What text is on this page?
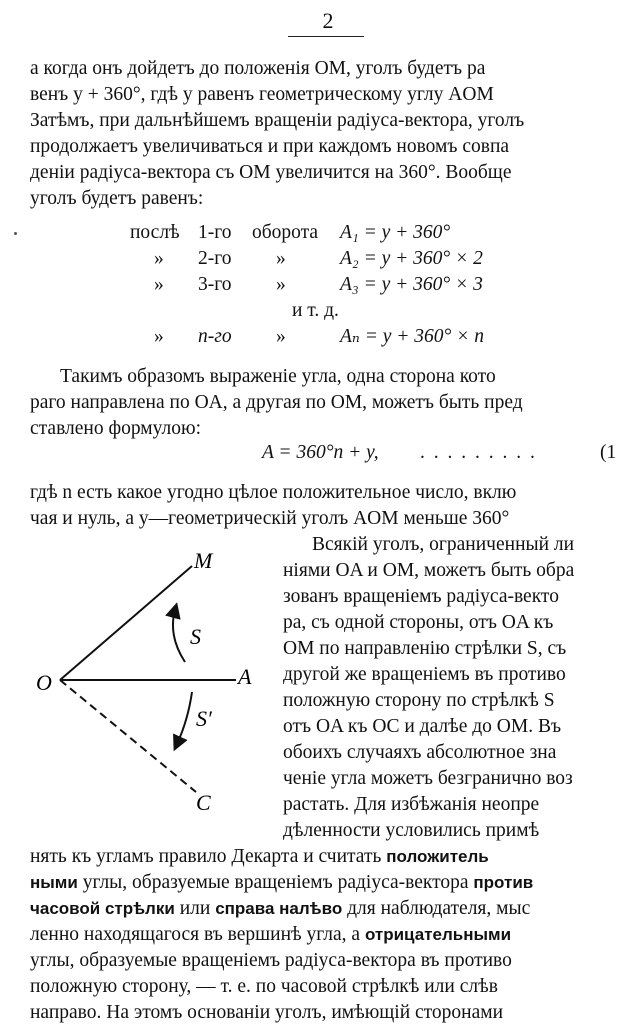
2
а когда онъ дойдетъ до положенія OM, уголъ будетъ ра
венъ y + 360°, гдѣ y равенъ геометрическому углу AOM
Затѣмъ, при дальнѣйшемъ вращеніи радіуса-вектора, уголъ
продолжаетъ увеличиваться и при каждомъ новомъ совпа
деніи радіуса-вектора съ OM увеличится на 360°. Вообще
уголъ будетъ равенъ:
послѣ 1-го оборота A₁ = y + 360°
» 2-го »	A₂ = y + 360° × 2
» 3-го »	A₃ = y + 360° × 3
и т. д.
» n-го »	Aₙ = y + 360° × n
Такимъ образомъ выраженіе угла, одна сторона кото
раго направлена по OA, а другая по OM, можетъ быть пред
ставлено формулою:
A = 360°n + y, . . . . . . . . .	(1
гдѣ n есть какое угодно цѣлое положительное число, вклю
чая и нуль, а y—геометрическій уголъ AOM меньше 360°
O
M
A
C
S
S′
Всякій уголъ, ограниченный ли
ніями OA и OM, можетъ быть обра
зованъ вращеніемъ радіуса-векто
ра, съ одной стороны, отъ OA къ
OM по направленію стрѣлки S, съ
другой же вращеніемъ въ противо
положную сторону по стрѣлкѣ S
отъ OA къ OC и далѣе до OM. Въ
обоихъ случаяхъ абсолютное зна
ченіе угла можетъ безгранично воз
растать. Для избѣжанія неопре
дѣленности условились примѣ
нять къ угламъ правило Декарта и считать положитель
ными углы, образуемые вращеніемъ радіуса-вектора против
часовой стрѣлки или справа налѣво для наблюдателя, мыс
ленно находящагося въ вершинѣ угла, а отрицательными
углы, образуемые вращеніемъ радіуса-вектора въ противо
положную сторону, — т. е. по часовой стрѣлкѣ или слѣв
направо. На этомъ основаніи уголъ, имѣющій сторонами
